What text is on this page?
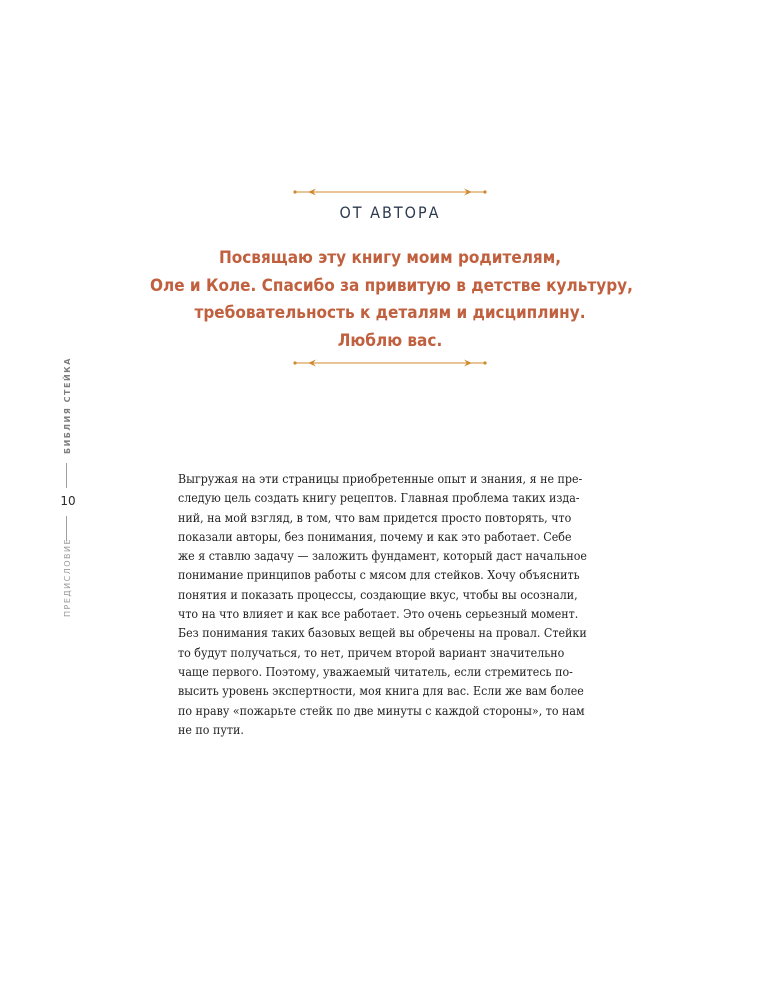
ОТ АВТОРА
Посвящаю эту книгу моим родителям,
Оле и Коле. Спасибо за привитую в детстве культуру,
требовательность к деталям и дисциплину.
Люблю вас.
БИБЛИЯ СТЕЙКА
10
ПРЕДИСЛОВИЕ
Выгружая на эти страницы приобретенные опыт и знания, я не пре-
следую цель создать книгу рецептов. Главная проблема таких изда-
ний, на мой взгляд, в том, что вам придется просто повторять, что
показали авторы, без понимания, почему и как это работает. Себе
же я ставлю задачу — заложить фундамент, который даст начальное
понимание принципов работы с мясом для стейков. Хочу объяснить
понятия и показать процессы, создающие вкус, чтобы вы осознали,
что на что влияет и как все работает. Это очень серьезный момент.
Без понимания таких базовых вещей вы обречены на провал. Стейки
то будут получаться, то нет, причем второй вариант значительно
чаще первого. Поэтому, уважаемый читатель, если стремитесь по-
высить уровень экспертности, моя книга для вас. Если же вам более
по нраву «пожарьте стейк по две минуты с каждой стороны», то нам
не по пути.
